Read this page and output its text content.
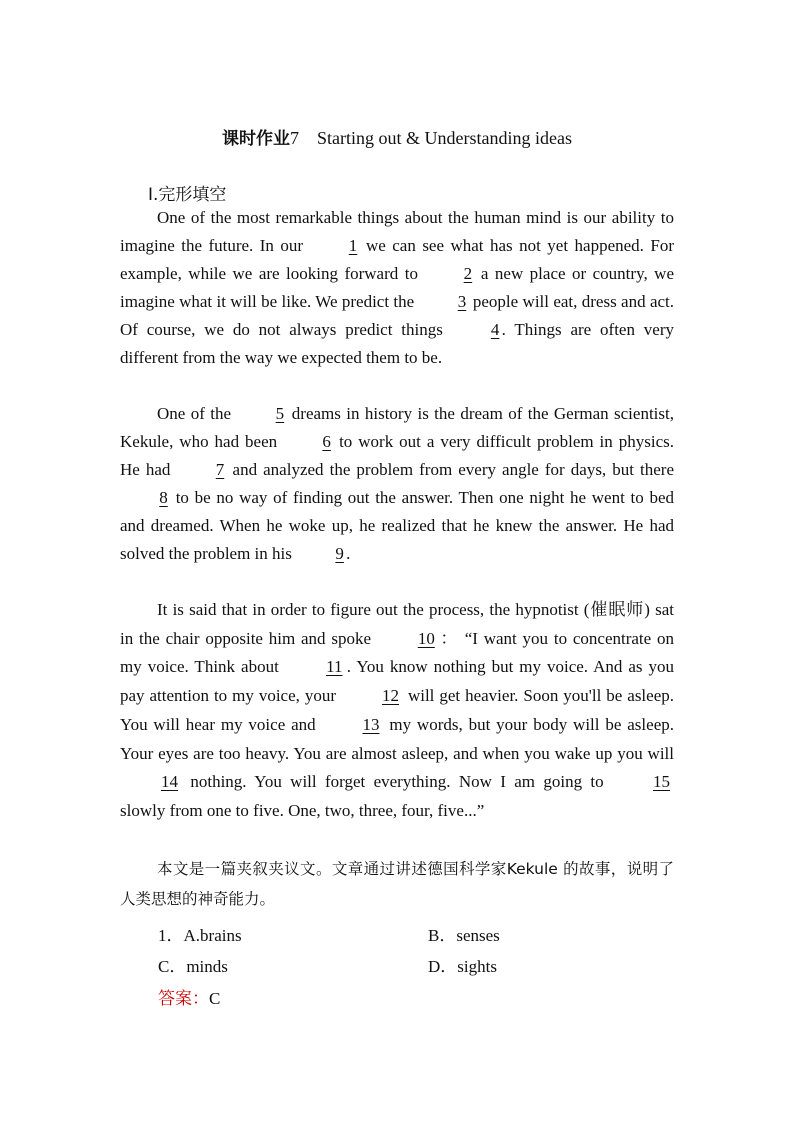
课时作业7 Starting out & Understanding ideas
Ⅰ.完形填空

One of the most remarkable things about the human mind is our ability to imagine the future. In our 1 we can see what has not yet happened. For example, while we are looking forward to 2 a new place or country, we imagine what it will be like. We predict the 3 people will eat, dress and act. Of course, we do not always predict things 4 . Things are often very different from the way we expected them to be.

One of the 5 dreams in history is the dream of the German scientist, Kekule, who had been 6 to work out a very difficult problem in physics. He had 7 and analyzed the problem from every angle for days, but there 8 to be no way of finding out the answer. Then one night he went to bed and dreamed. When he woke up, he realized that he knew the answer. He had solved the problem in his 9 .

It is said that in order to figure out the process, the hypnotist (催眠师) sat in the chair opposite him and spoke 10 ： “I want you to concentrate on my voice. Think about 11 . You know nothing but my voice. And as you pay attention to my voice, your 12 will get heavier. Soon you'll be asleep. You will hear my voice and 13 my words, but your body will be asleep. Your eyes are too heavy. You are almost asleep, and when you wake up you will 14 nothing. You will forget everything. Now I am going to 15 slowly from one to five. One, two, three, four, five...”

本文是一篇夹叙夹议文。文章通过讲述德国科学家Kekule 的故事，说明了人类思想的神奇能力。

1．A.brains	B．senses
C．minds	D．sights
答案：C
